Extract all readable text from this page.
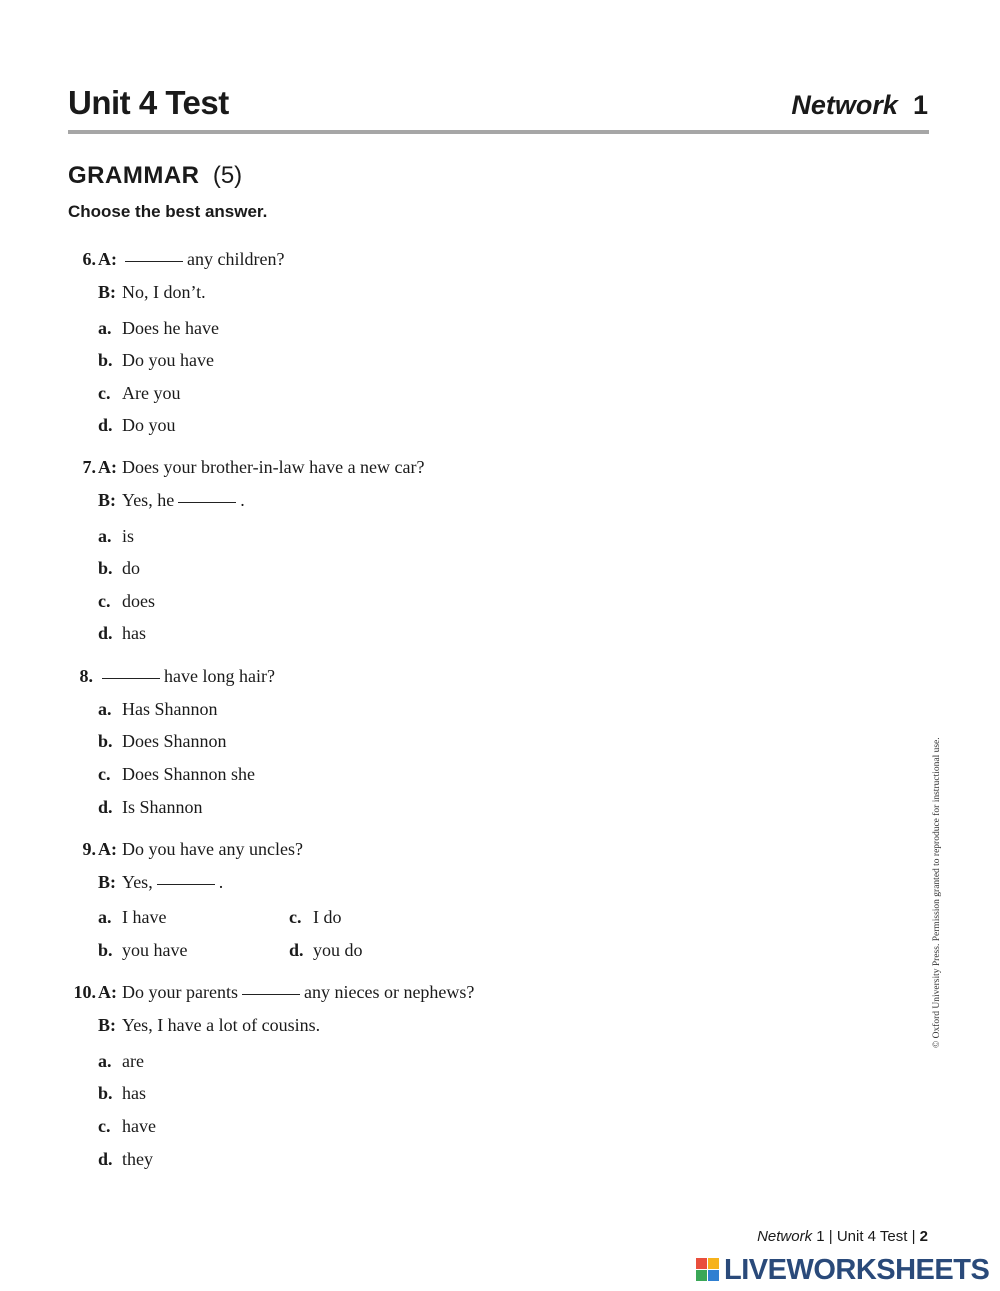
Unit 4 Test	Network 1
GRAMMAR (5)
Choose the best answer.
6. A:	any children?
B: No, I don’t.
a. Does he have
b. Do you have
c. Are you
d. Do you
7. A: Does your brother-in-law have a new car?
B: Yes, he	.
a. is
b. do
c. does
d. has
8.	have long hair?
a. Has Shannon
b. Does Shannon
c. Does Shannon she
d. Is Shannon
9. A: Do you have any uncles?
B: Yes,	.
a. I have
b. you have
c. I do
d. you do
10. A: Do your parents	any nieces or nephews?
B: Yes, I have a lot of cousins.
a. are
b. has
c. have
d. they
© Oxford University Press. Permission granted to reproduce for instructional use.
Network 1 | Unit 4 Test | 2
LIVEWORKSHEETS
